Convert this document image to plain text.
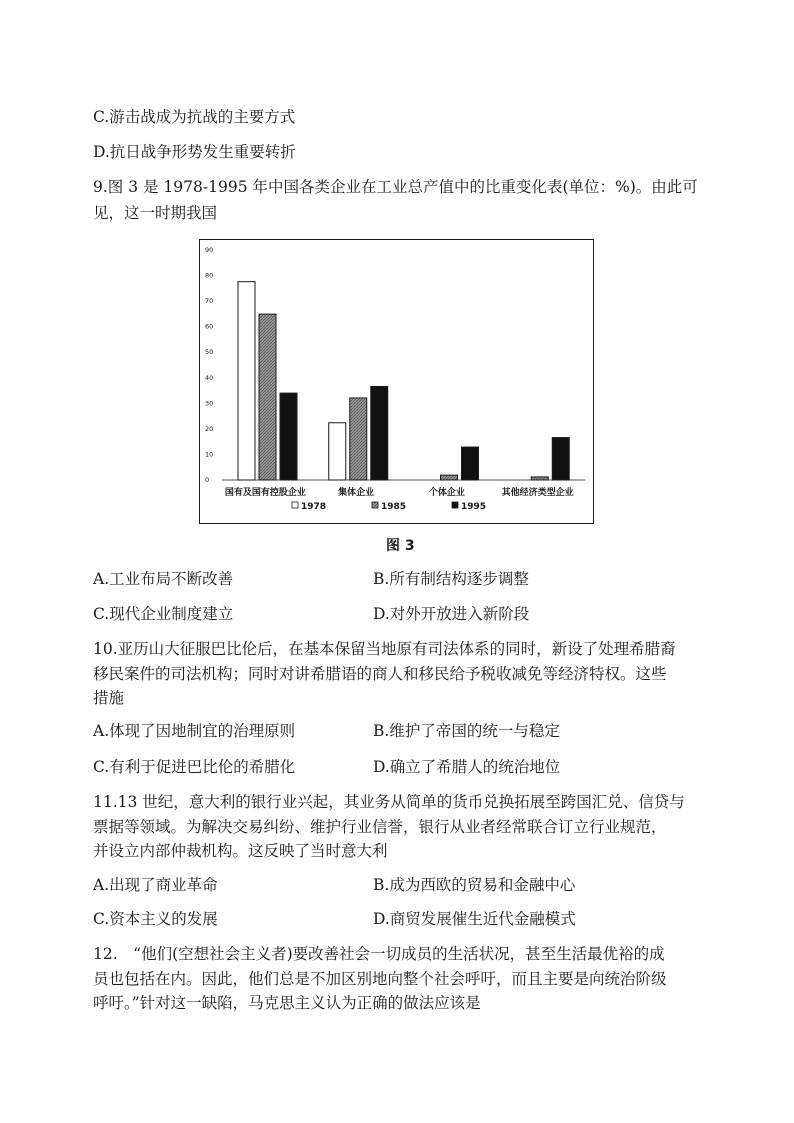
C.游击战成为抗战的主要方式
D.抗日战争形势发生重要转折
9.图 3 是 1978-1995 年中国各类企业在工业总产值中的比重变化表(单位：%)。由此可
见，这一时期我国
0
10
20
30
40
50
60
70
80
90
国有及国有控股企业	集体企业	个体企业	其他经济类型企业
1978	1985	1995
图 3
A.工业布局不断改善	B.所有制结构逐步调整
C.现代企业制度建立	D.对外开放进入新阶段
10.亚历山大征服巴比伦后，在基本保留当地原有司法体系的同时，新设了处理希腊裔
移民案件的司法机构；同时对讲希腊语的商人和移民给予税收减免等经济特权。这些
措施
A.体现了因地制宜的治理原则	B.维护了帝国的统一与稳定
C.有利于促进巴比伦的希腊化	D.确立了希腊人的统治地位
11.13 世纪，意大利的银行业兴起，其业务从简单的货币兑换拓展至跨国汇兑、信贷与
票据等领域。为解决交易纠纷、维护行业信誉，银行从业者经常联合订立行业规范，
并设立内部仲裁机构。这反映了当时意大利
A.出现了商业革命	B.成为西欧的贸易和金融中心
C.资本主义的发展	D.商贸发展催生近代金融模式
12.　“他们(空想社会主义者)要改善社会一切成员的生活状况，甚至生活最优裕的成
员也包括在内。因此，他们总是不加区别地向整个社会呼吁，而且主要是向统治阶级
呼吁。”针对这一缺陷，马克思主义认为正确的做法应该是
